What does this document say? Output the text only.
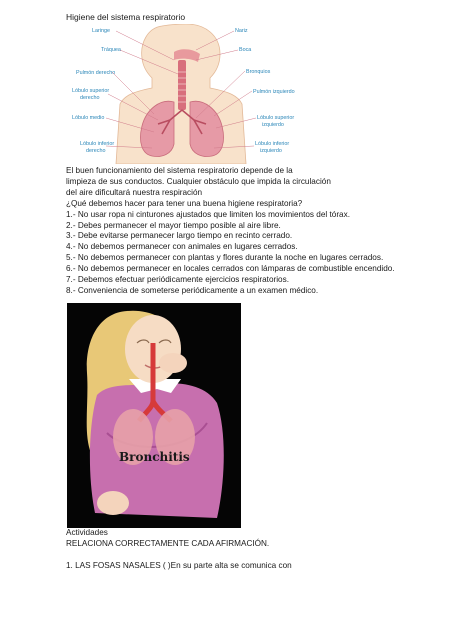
Higiene del sistema respiratorio
Laringe
Tráquea
Pulmón derecho
Lóbulo superior
derecho
Lóbulo medio
Lóbulo inferior
derecho
Nariz
Boca
Bronquios
Pulmón izquierdo
Lóbulo superior
izquierdo
Lóbulo inferior
izquierdo
El buen funcionamiento del sistema respiratorio depende de la
limpieza de sus conductos. Cualquier obstáculo que impida la circulación
del aire dificultará nuestra respiración
¿Qué debemos hacer para tener una buena higiene respiratoria?
1.- No usar ropa ni cinturones ajustados que limiten los movimientos del tórax.
2.- Debes permanecer el mayor tiempo posible al aire libre.
3.- Debe evitarse permanecer largo tiempo en recinto cerrado.
4.- No debemos permanecer con animales en lugares cerrados.
5.- No debemos permanecer con plantas y flores durante la noche en lugares cerrados.
6.- No debemos permanecer en locales cerrados con lámparas de combustible encendido.
7.- Debemos efectuar periódicamente ejercicios respiratorios.
8.- Conveniencia de someterse periódicamente a un examen médico.
Bronchitis
Actividades
RELACIONA CORRECTAMENTE CADA AFIRMACIÓN.
1. LAS FOSAS NASALES ( )En su parte alta se comunica con
